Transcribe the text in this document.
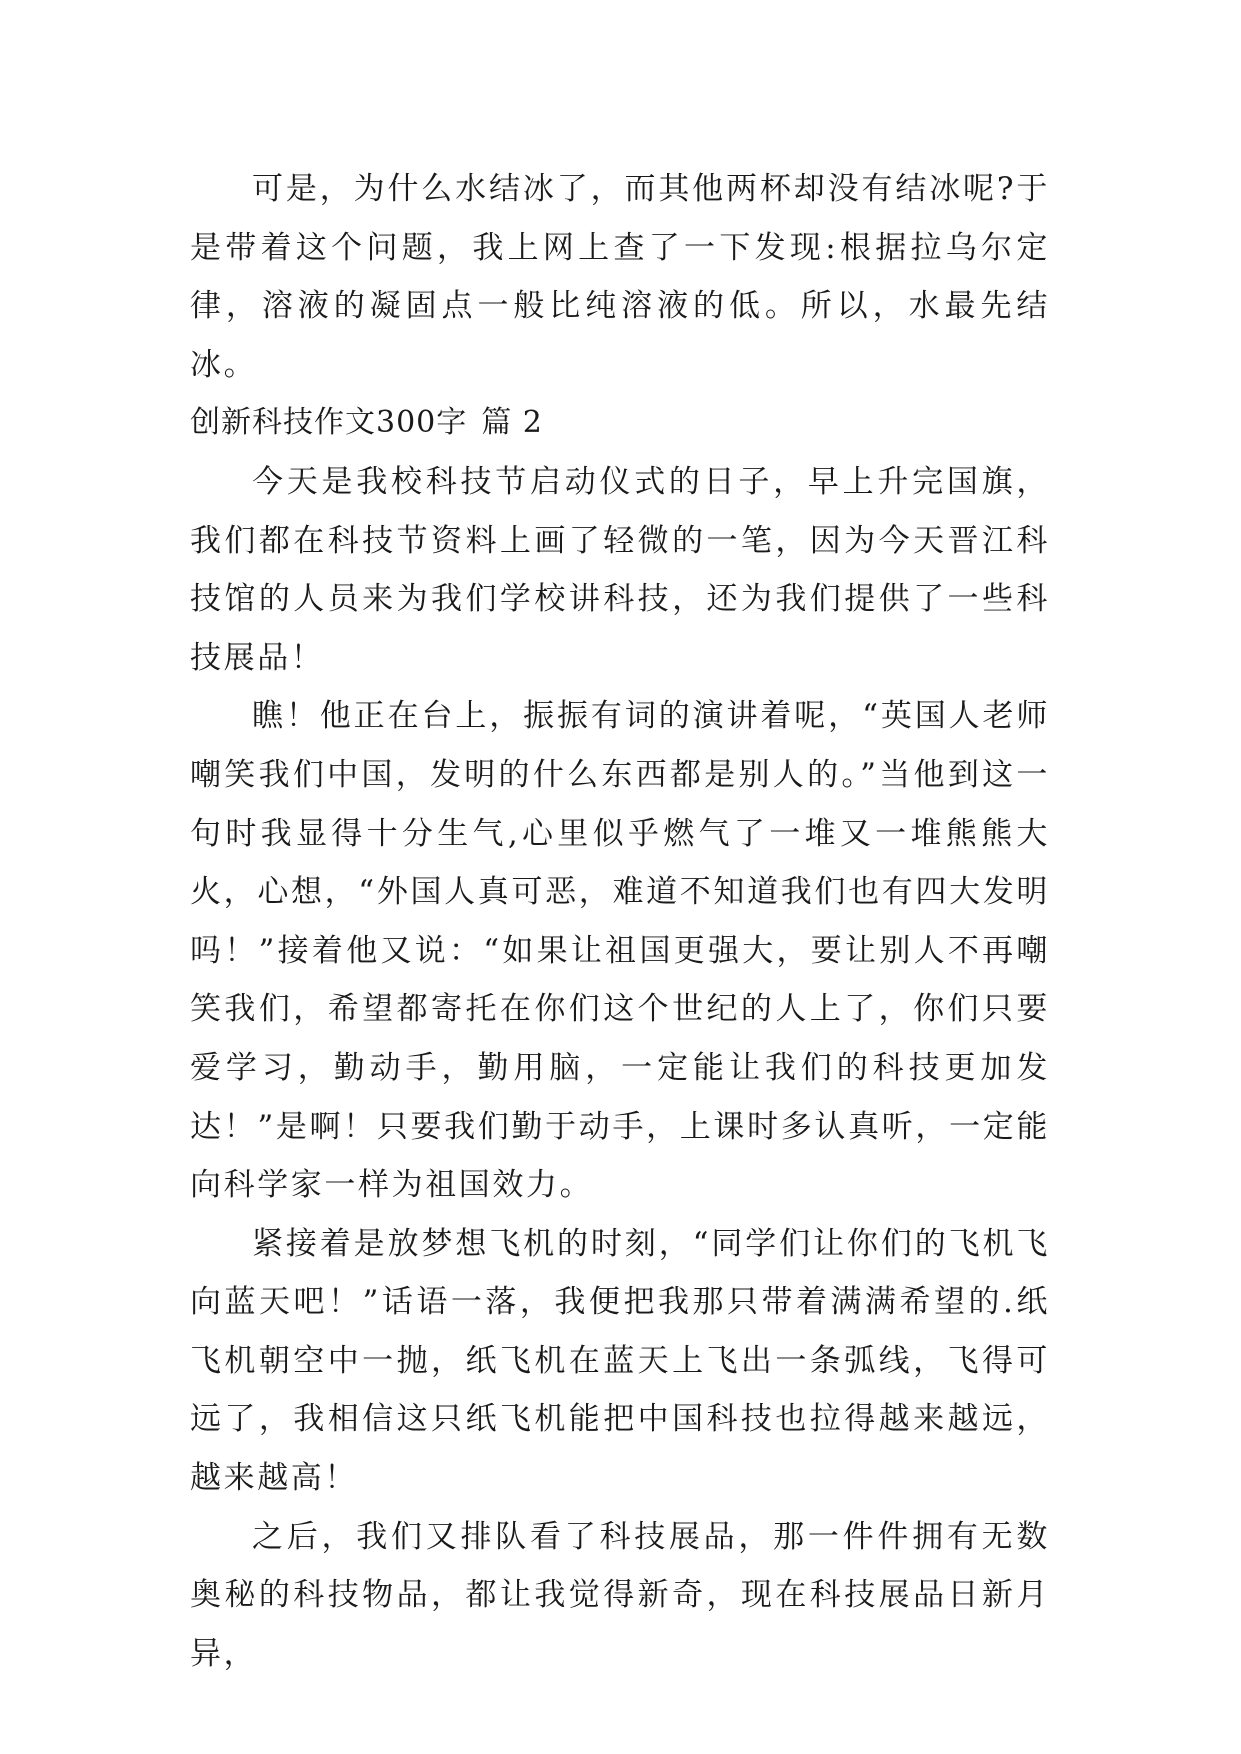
可是，为什么水结冰了，而其他两杯却没有结冰呢?于是带着这个问题，我上网上查了一下发现:根据拉乌尔定律，溶液的凝固点一般比纯溶液的低。所以，水最先结冰。

创新科技作文300字 篇 2

今天是我校科技节启动仪式的日子，早上升完国旗，我们都在科技节资料上画了轻微的一笔，因为今天晋江科技馆的人员来为我们学校讲科技，还为我们提供了一些科技展品！

瞧！他正在台上，振振有词的演讲着呢，“英国人老师嘲笑我们中国，发明的什么东西都是别人的。”当他到这一句时我显得十分生气,心里似乎燃气了一堆又一堆熊熊大火，心想，“外国人真可恶，难道不知道我们也有四大发明吗！”接着他又说：“如果让祖国更强大，要让别人不再嘲笑我们，希望都寄托在你们这个世纪的人上了，你们只要爱学习，勤动手，勤用脑，一定能让我们的科技更加发达！”是啊！只要我们勤于动手，上课时多认真听，一定能向科学家一样为祖国效力。

紧接着是放梦想飞机的时刻，“同学们让你们的飞机飞向蓝天吧！”话语一落，我便把我那只带着满满希望的.纸飞机朝空中一抛，纸飞机在蓝天上飞出一条弧线，飞得可远了，我相信这只纸飞机能把中国科技也拉得越来越远，越来越高！

之后，我们又排队看了科技展品，那一件件拥有无数奥秘的科技物品，都让我觉得新奇，现在科技展品日新月异，
